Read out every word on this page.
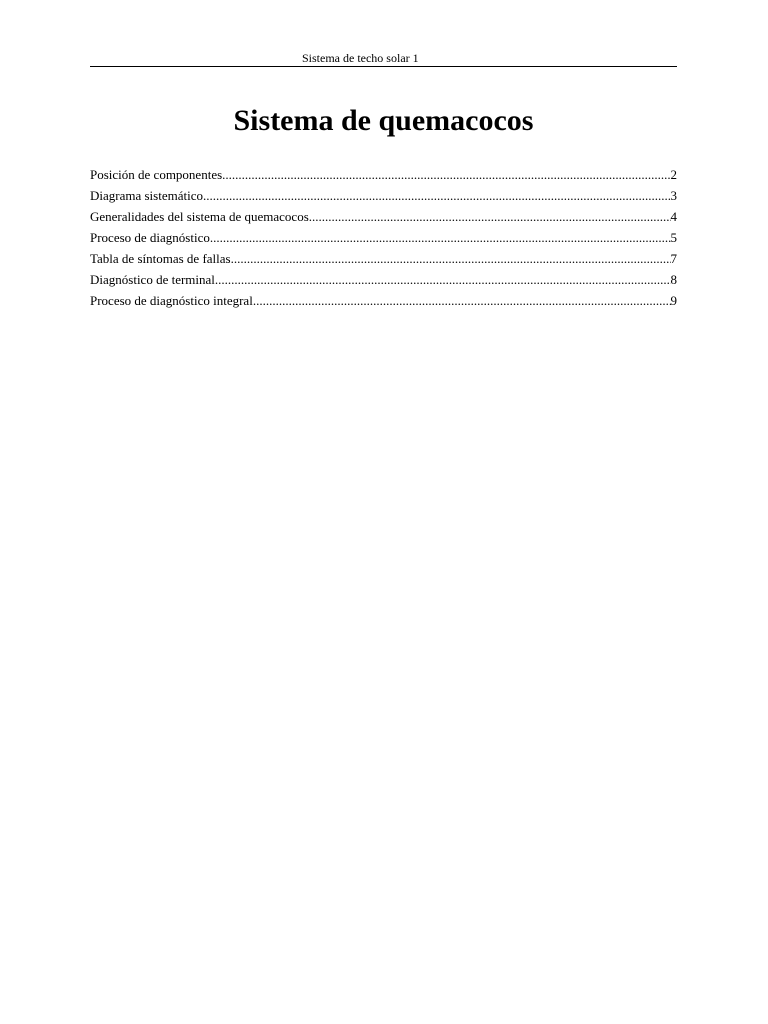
Sistema de techo solar 1
Sistema de quemacocos
Posición de componentes .....	2
Diagrama sistemático .....	3
Generalidades del sistema de quemacocos .....	4
Proceso de diagnóstico .....	5
Tabla de síntomas de fallas .....	7
Diagnóstico de terminal .....	8
Proceso de diagnóstico integral .....	9
